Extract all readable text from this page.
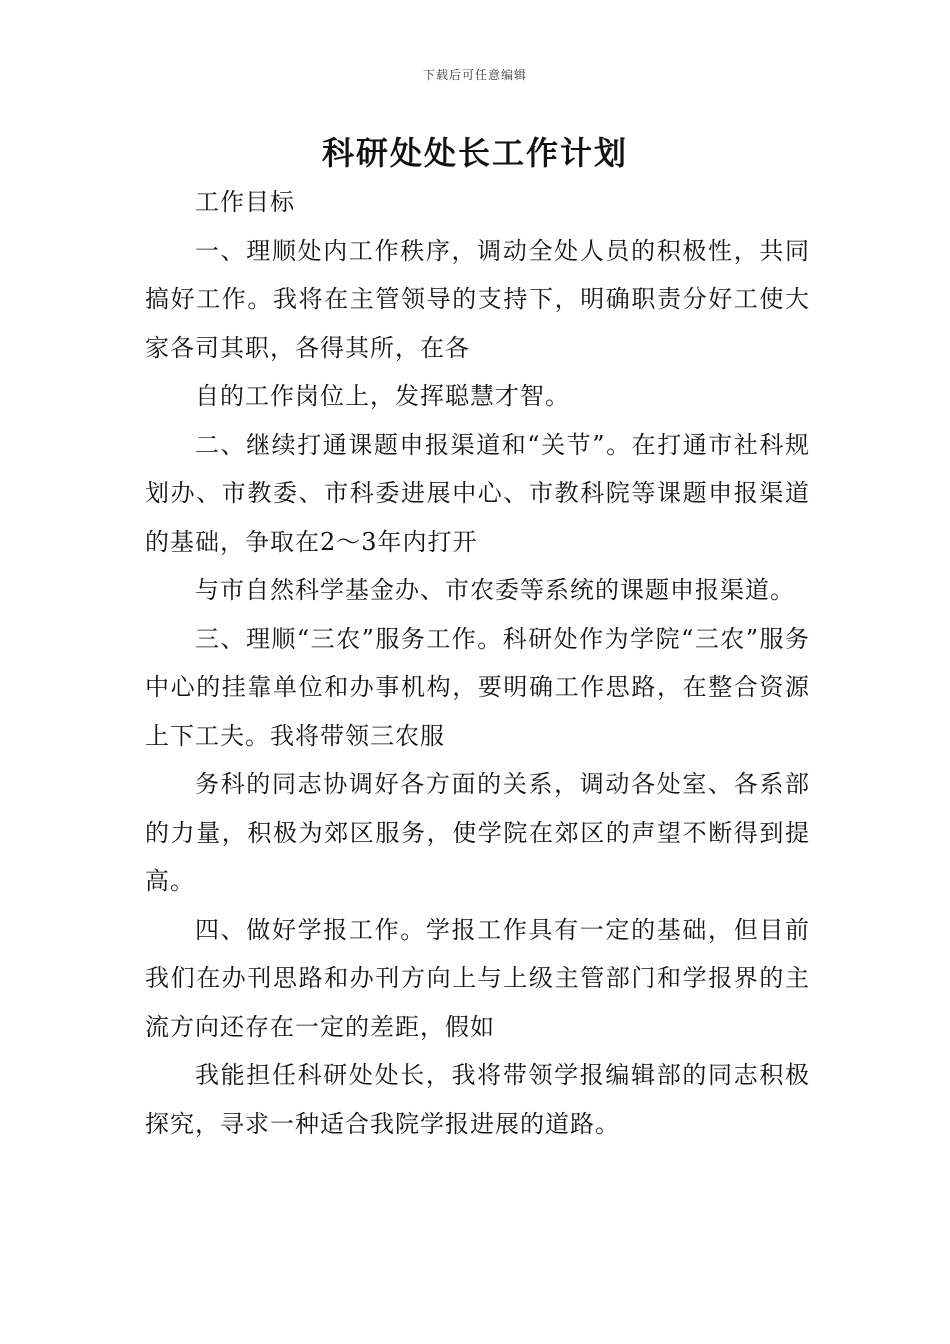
下载后可任意编辑
科研处处长工作计划

工作目标

一、理顺处内工作秩序，调动全处人员的积极性，共同搞好工作。我将在主管领导的支持下，明确职责分好工使大家各司其职，各得其所，在各

自的工作岗位上，发挥聪慧才智。

二、继续打通课题申报渠道和“关节”。在打通市社科规划办、市教委、市科委进展中心、市教科院等课题申报渠道的基础，争取在2～3年内打开

与市自然科学基金办、市农委等系统的课题申报渠道。

三、理顺“三农”服务工作。科研处作为学院“三农”服务中心的挂靠单位和办事机构，要明确工作思路，在整合资源上下工夫。我将带领三农服

务科的同志协调好各方面的关系，调动各处室、各系部的力量，积极为郊区服务，使学院在郊区的声望不断得到提高。

四、做好学报工作。学报工作具有一定的基础，但目前我们在办刊思路和办刊方向上与上级主管部门和学报界的主流方向还存在一定的差距，假如

我能担任科研处处长，我将带领学报编辑部的同志积极探究，寻求一种适合我院学报进展的道路。
